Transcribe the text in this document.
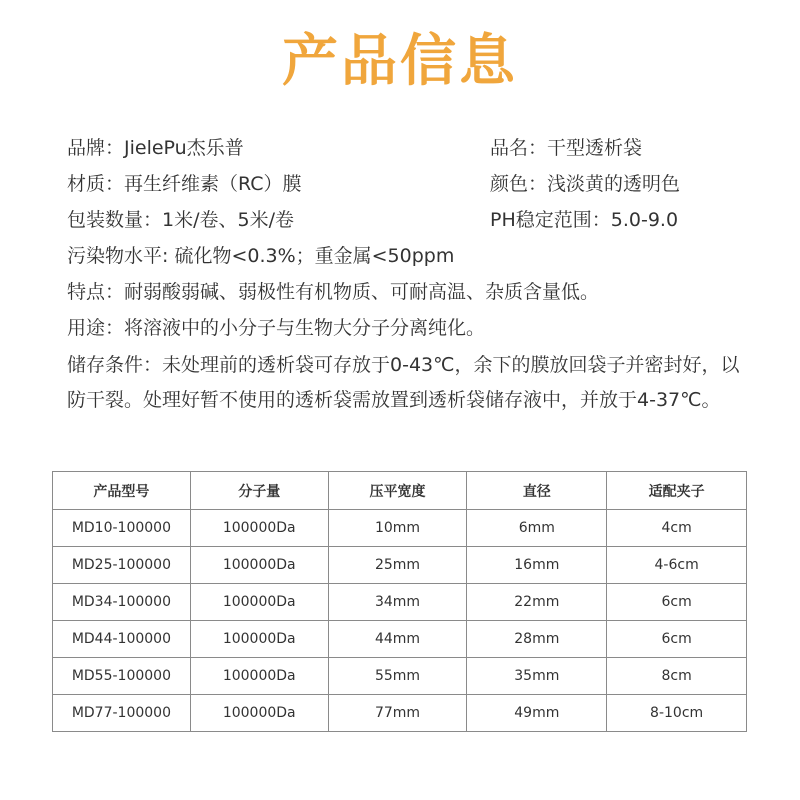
产品信息
品牌：JielePu杰乐普	品名：干型透析袋
材质：再生纤维素（RC）膜	颜色：浅淡黄的透明色
包装数量：1米/卷、5米/卷	PH稳定范围：5.0-9.0
污染物水平: 硫化物<0.3%；重金属<50ppm
特点：耐弱酸弱碱、弱极性有机物质、可耐高温、杂质含量低。
用途：将溶液中的小分子与生物大分子分离纯化。
储存条件：未处理前的透析袋可存放于0-43℃，余下的膜放回袋子并密封好，以防干裂。处理好暂不使用的透析袋需放置到透析袋储存液中，并放于4-37℃。
产品型号	分子量	压平宽度	直径	适配夹子
MD10-100000	100000Da	10mm	6mm	4cm
MD25-100000	100000Da	25mm	16mm	4-6cm
MD34-100000	100000Da	34mm	22mm	6cm
MD44-100000	100000Da	44mm	28mm	6cm
MD55-100000	100000Da	55mm	35mm	8cm
MD77-100000	100000Da	77mm	49mm	8-10cm
